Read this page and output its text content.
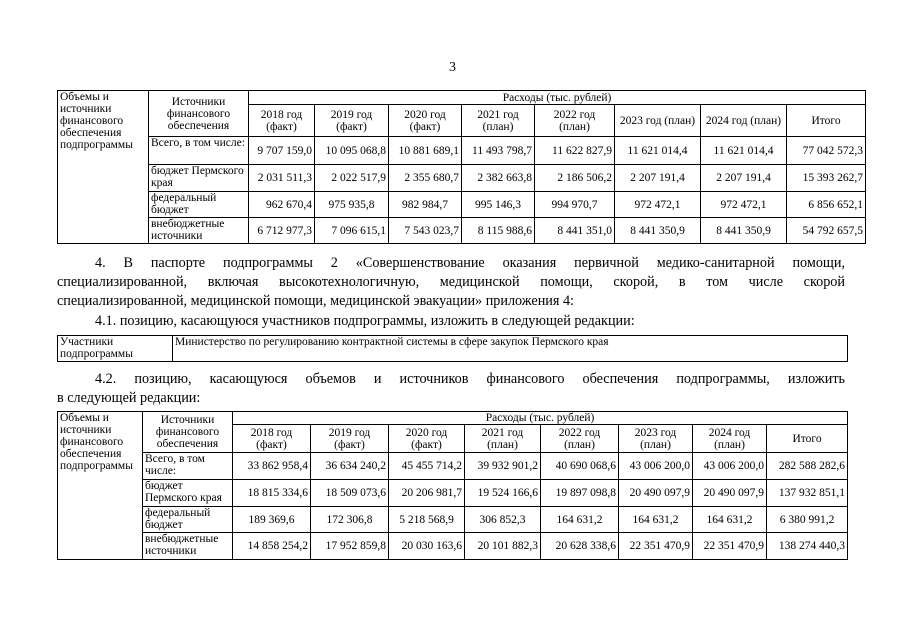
3
Объемы и источники финансового обеспечения подпрограммы	Источники финансового обеспечения	Расходы (тыс. рублей)							
		2018 год (факт)	2019 год (факт)	2020 год (факт)	2021 год (план)	2022 год (план)	2023 год (план)	2024 год (план)	Итого
	Всего, в том числе:	9 707 159,0	10 095 068,8	10 881 689,1	11 493 798,7	11 622 827,9	11 621 014,4	11 621 014,4	77 042 572,3
	бюджет Пермского края	2 031 511,3	2 022 517,9	2 355 680,7	2 382 663,8	2 186 506,2	2 207 191,4	2 207 191,4	15 393 262,7
	федеральный бюджет	962 670,4	975 935,8	982 984,7	995 146,3	994 970,7	972 472,1	972 472,1	6 856 652,1
	внебюджетные источники	6 712 977,3	7 096 615,1	7 543 023,7	8 115 988,6	8 441 351,0	8 441 350,9	8 441 350,9	54 792 657,5
4. В паспорте подпрограммы 2 «Совершенствование оказания первичной медико-санитарной помощи,
специализированной, включая высокотехнологичную, медицинской помощи, скорой, в том числе скорой
специализированной, медицинской помощи, медицинской эвакуации» приложения 4:
4.1. позицию, касающуюся участников подпрограммы, изложить в следующей редакции:
Участники подпрограммы	Министерство по регулированию контрактной системы в сфере закупок Пермского края
4.2. позицию, касающуюся объемов и источников финансового обеспечения подпрограммы, изложить
в следующей редакции:
Объемы и источники финансового обеспечения подпрограммы	Источники финансового обеспечения	Расходы (тыс. рублей)							
		2018 год (факт)	2019 год (факт)	2020 год (факт)	2021 год (план)	2022 год (план)	2023 год (план)	2024 год (план)	Итого
	Всего, в том числе:	33 862 958,4	36 634 240,2	45 455 714,2	39 932 901,2	40 690 068,6	43 006 200,0	43 006 200,0	282 588 282,6
	бюджет Пермского края	18 815 334,6	18 509 073,6	20 206 981,7	19 524 166,6	19 897 098,8	20 490 097,9	20 490 097,9	137 932 851,1
	федеральный бюджет	189 369,6	172 306,8	5 218 568,9	306 852,3	164 631,2	164 631,2	164 631,2	6 380 991,2
	внебюджетные источники	14 858 254,2	17 952 859,8	20 030 163,6	20 101 882,3	20 628 338,6	22 351 470,9	22 351 470,9	138 274 440,3
